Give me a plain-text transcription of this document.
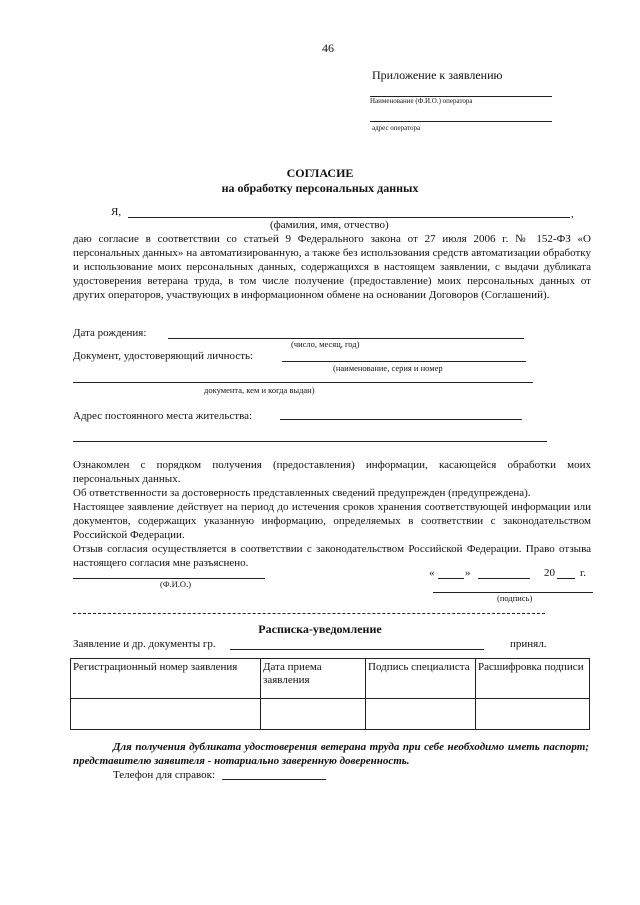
46
Приложение к заявлению
Наименование (Ф.И.О.) оператора
адрес оператора
СОГЛАСИЕ
на обработку персональных данных
Я,	,
(фамилия, имя, отчество)
даю согласие в соответствии со статьей 9 Федерального закона от 27 июля 2006 г. № 152-ФЗ «О персональных данных» на автоматизированную, а также без использования средств автоматизации обработку и использование моих персональных данных, содержащихся в настоящем заявлении, с выдачи дубликата удостоверения ветерана труда, в том числе получение (предоставление) моих персональных данных от других операторов, участвующих в информационном обмене на основании Договоров (Соглашений).
Дата рождения:
(число, месяц, год)
Документ, удостоверяющий личность:
(наименование, серия и номер
документа, кем и когда выдан)
Адрес постоянного места жительства:
Ознакомлен с порядком получения (предоставления) информации, касающейся обработки моих персональных данных.
Об ответственности за достоверность представленных сведений предупрежден (предупреждена).
Настоящее заявление действует на период до истечения сроков хранения соответствующей информации или документов, содержащих указанную информацию, определяемых в соответствии с законодательством Российской Федерации.
Отзыв согласия осуществляется в соответствии с законодательством Российской Федерации. Право отзыва настоящего согласия мне разъяснено.
(Ф.И.О.)
«	»	20 г.
(подпись)
Расписка-уведомление
Заявление и др. документы гр.	принял.
Регистрационный номер заявления	Дата приема заявления	Подпись специалиста	Расшифровка подписи

Для получения дубликата удостоверения ветерана труда при себе необходимо иметь паспорт; представителю заявителя - нотариально заверенную доверенность.
Телефон для справок:
